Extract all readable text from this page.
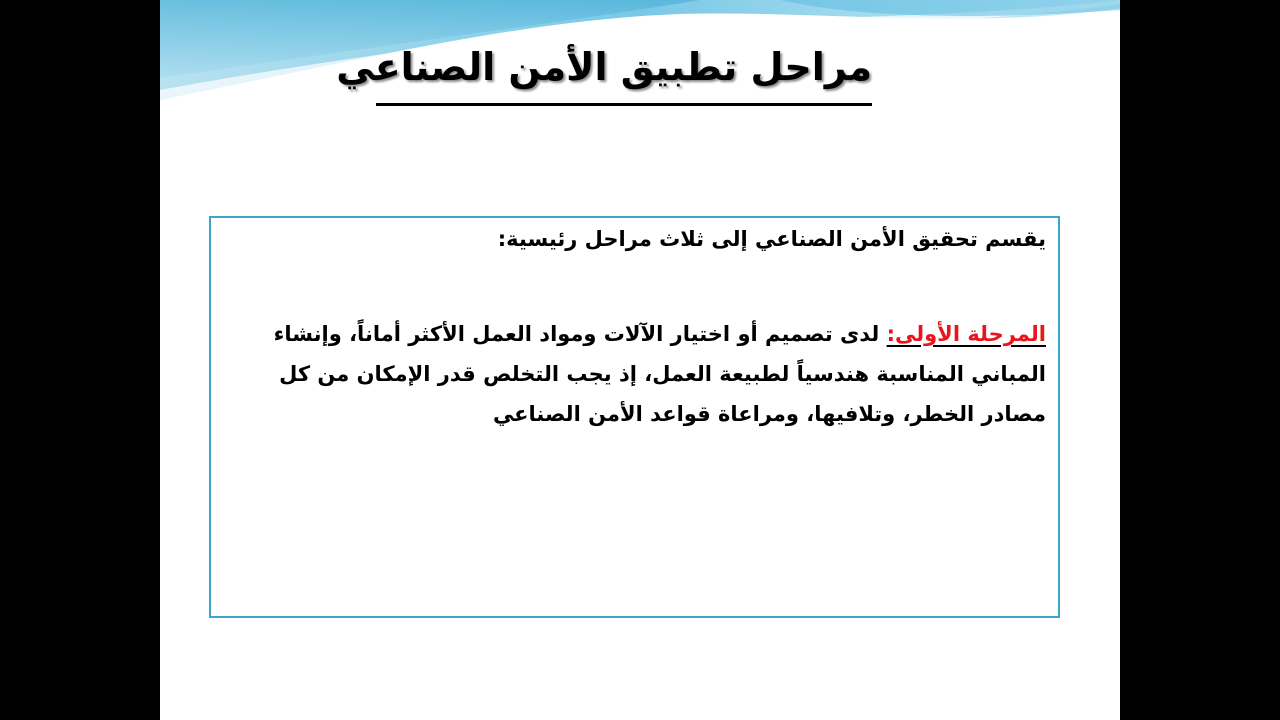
مراحل تطبيق الأمن الصناعي

يقسم تحقيق الأمن الصناعي إلى ثلاث مراحل رئيسية:

المرحلة الأولى: لدى تصميم أو اختيار الآلات ومواد العمل الأكثر أماناً، وإنشاء المباني المناسبة هندسياً لطبيعة العمل، إذ يجب التخلص قدر الإمكان من كل مصادر الخطر، وتلافيها، ومراعاة قواعد الأمن الصناعي
